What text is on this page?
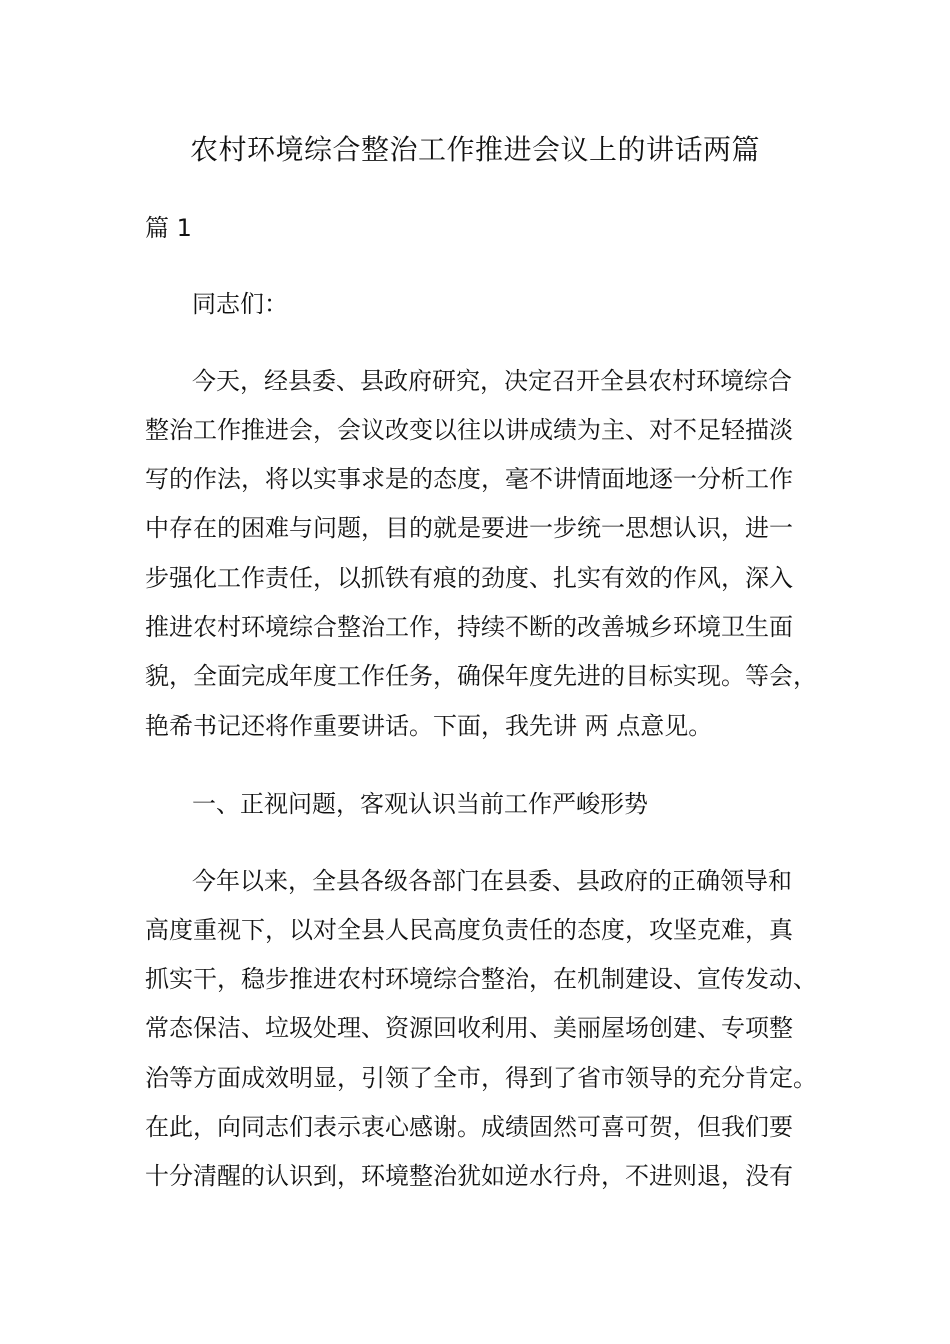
农村环境综合整治工作推进会议上的讲话两篇
篇 1
同志们：
今天，经县委、县政府研究，决定召开全县农村环境综合
整治工作推进会，会议改变以往以讲成绩为主、对不足轻描淡
写的作法，将以实事求是的态度，毫不讲情面地逐一分析工作
中存在的困难与问题，目的就是要进一步统一思想认识，进一
步强化工作责任，以抓铁有痕的劲度、扎实有效的作风，深入
推进农村环境综合整治工作，持续不断的改善城乡环境卫生面
貌，全面完成年度工作任务，确保年度先进的目标实现。等会，
艳希书记还将作重要讲话。下面，我先讲 两 点意见。
一、正视问题，客观认识当前工作严峻形势
今年以来，全县各级各部门在县委、县政府的正确领导和
高度重视下，以对全县人民高度负责任的态度，攻坚克难，真
抓实干，稳步推进农村环境综合整治，在机制建设、宣传发动、
常态保洁、垃圾处理、资源回收利用、美丽屋场创建、专项整
治等方面成效明显，引领了全市，得到了省市领导的充分肯定。
在此，向同志们表示衷心感谢。成绩固然可喜可贺，但我们要
十分清醒的认识到，环境整治犹如逆水行舟，不进则退，没有
